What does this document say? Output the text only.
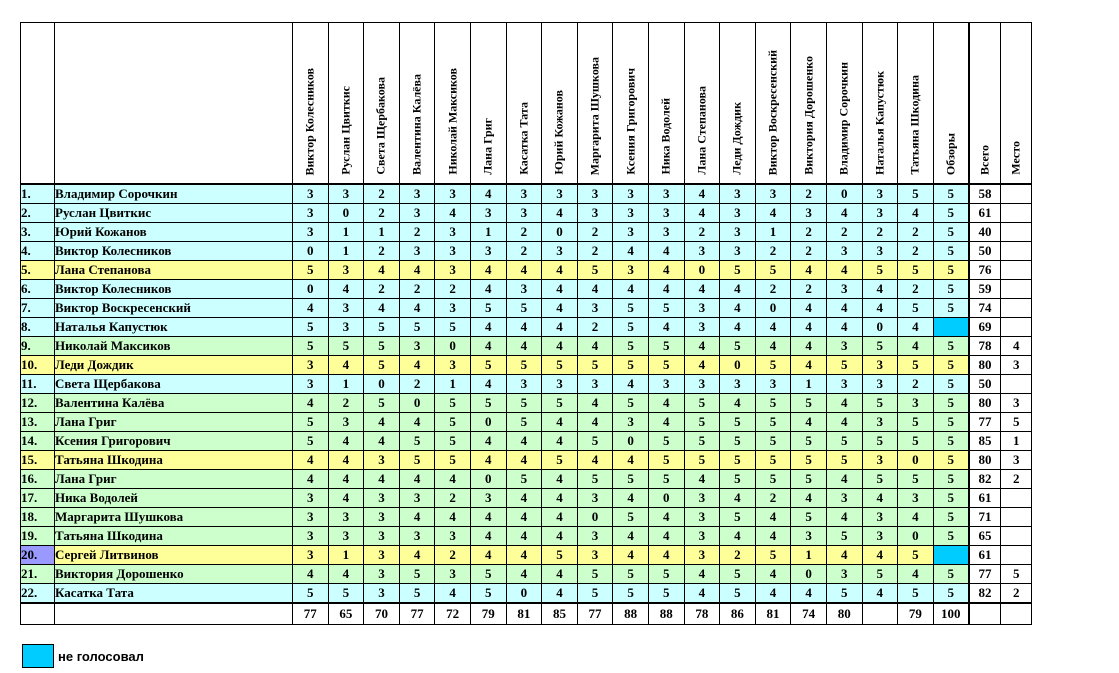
		Виктор Колесников	Руслан Цвиткис	Света Щербакова	Валентина Калёва	Николай Максиков	Лана Григ	Касатка Тата	Юрий Кожанов	Маргарита Шушкова	Ксения Григорович	Ника Водолей	Лана Степанова	Леди Дождик	Виктор Воскресенский	Виктория Дорошенко	Владимир Сорочкин	Наталья Капустюк	Татьяна Шкодина	Обзоры	Всего	Место

1.	Владимир Сорочкин	3	3	2	3	3	4	3	3	3	3	3	4	3	3	2	0	3	5	5	58	
2.	Руслан Цвиткис	3	0	2	3	4	3	3	4	3	3	3	4	3	4	3	4	3	4	5	61	
3.	Юрий Кожанов	3	1	1	2	3	1	2	0	2	3	3	2	3	1	2	2	2	2	5	40	
4.	Виктор Колесников	0	1	2	3	3	3	2	3	2	4	4	3	3	2	2	3	3	2	5	50	
5.	Лана Степанова	5	3	4	4	3	4	4	4	5	3	4	0	5	5	4	4	5	5	5	76	
6.	Виктор Колесников	0	4	2	2	2	4	3	4	4	4	4	4	4	2	2	3	4	2	5	59	
7.	Виктор Воскресенский	4	3	4	4	3	5	5	4	3	5	5	3	4	0	4	4	4	5	5	74	
8.	Наталья Капустюк	5	3	5	5	5	4	4	4	2	5	4	3	4	4	4	4	0	4		69	
9.	Николай Максиков	5	5	5	3	0	4	4	4	4	5	5	4	5	4	4	3	5	4	5	78	4
10.	Леди Дождик	3	4	5	4	3	5	5	5	5	5	5	4	0	5	4	5	3	5	5	80	3
11.	Света Щербакова	3	1	0	2	1	4	3	3	3	4	3	3	3	3	1	3	3	2	5	50	
12.	Валентина Калёва	4	2	5	0	5	5	5	5	4	5	4	5	4	5	5	4	5	3	5	80	3
13.	Лана Григ	5	3	4	4	5	0	5	4	4	3	4	5	5	5	4	4	3	5	5	77	5
14.	Ксения Григорович	5	4	4	5	5	4	4	4	5	0	5	5	5	5	5	5	5	5	5	85	1
15.	Татьяна Шкодина	4	4	3	5	5	4	4	5	4	4	5	5	5	5	5	5	3	0	5	80	3
16.	Лана Григ	4	4	4	4	4	0	5	4	5	5	5	4	5	5	5	4	5	5	5	82	2
17.	Ника Водолей	3	4	3	3	2	3	4	4	3	4	0	3	4	2	4	3	4	3	5	61	
18.	Маргарита Шушкова	3	3	3	4	4	4	4	4	0	5	4	3	5	4	5	4	3	4	5	71	
19.	Татьяна Шкодина	3	3	3	3	3	4	4	4	3	4	4	3	4	4	3	5	3	0	5	65	
20.	Сергей Литвинов	3	1	3	4	2	4	4	5	3	4	4	3	2	5	1	4	4	5		61	
21.	Виктория Дорошенко	4	4	3	5	3	5	4	4	5	5	5	4	5	4	0	3	5	4	5	77	5
22.	Касатка Тата	5	5	3	5	4	5	0	4	5	5	5	4	5	4	4	5	4	5	5	82	2
		77	65	70	77	72	79	81	85	77	88	88	78	86	81	74	80		79	100		
не голосовал
